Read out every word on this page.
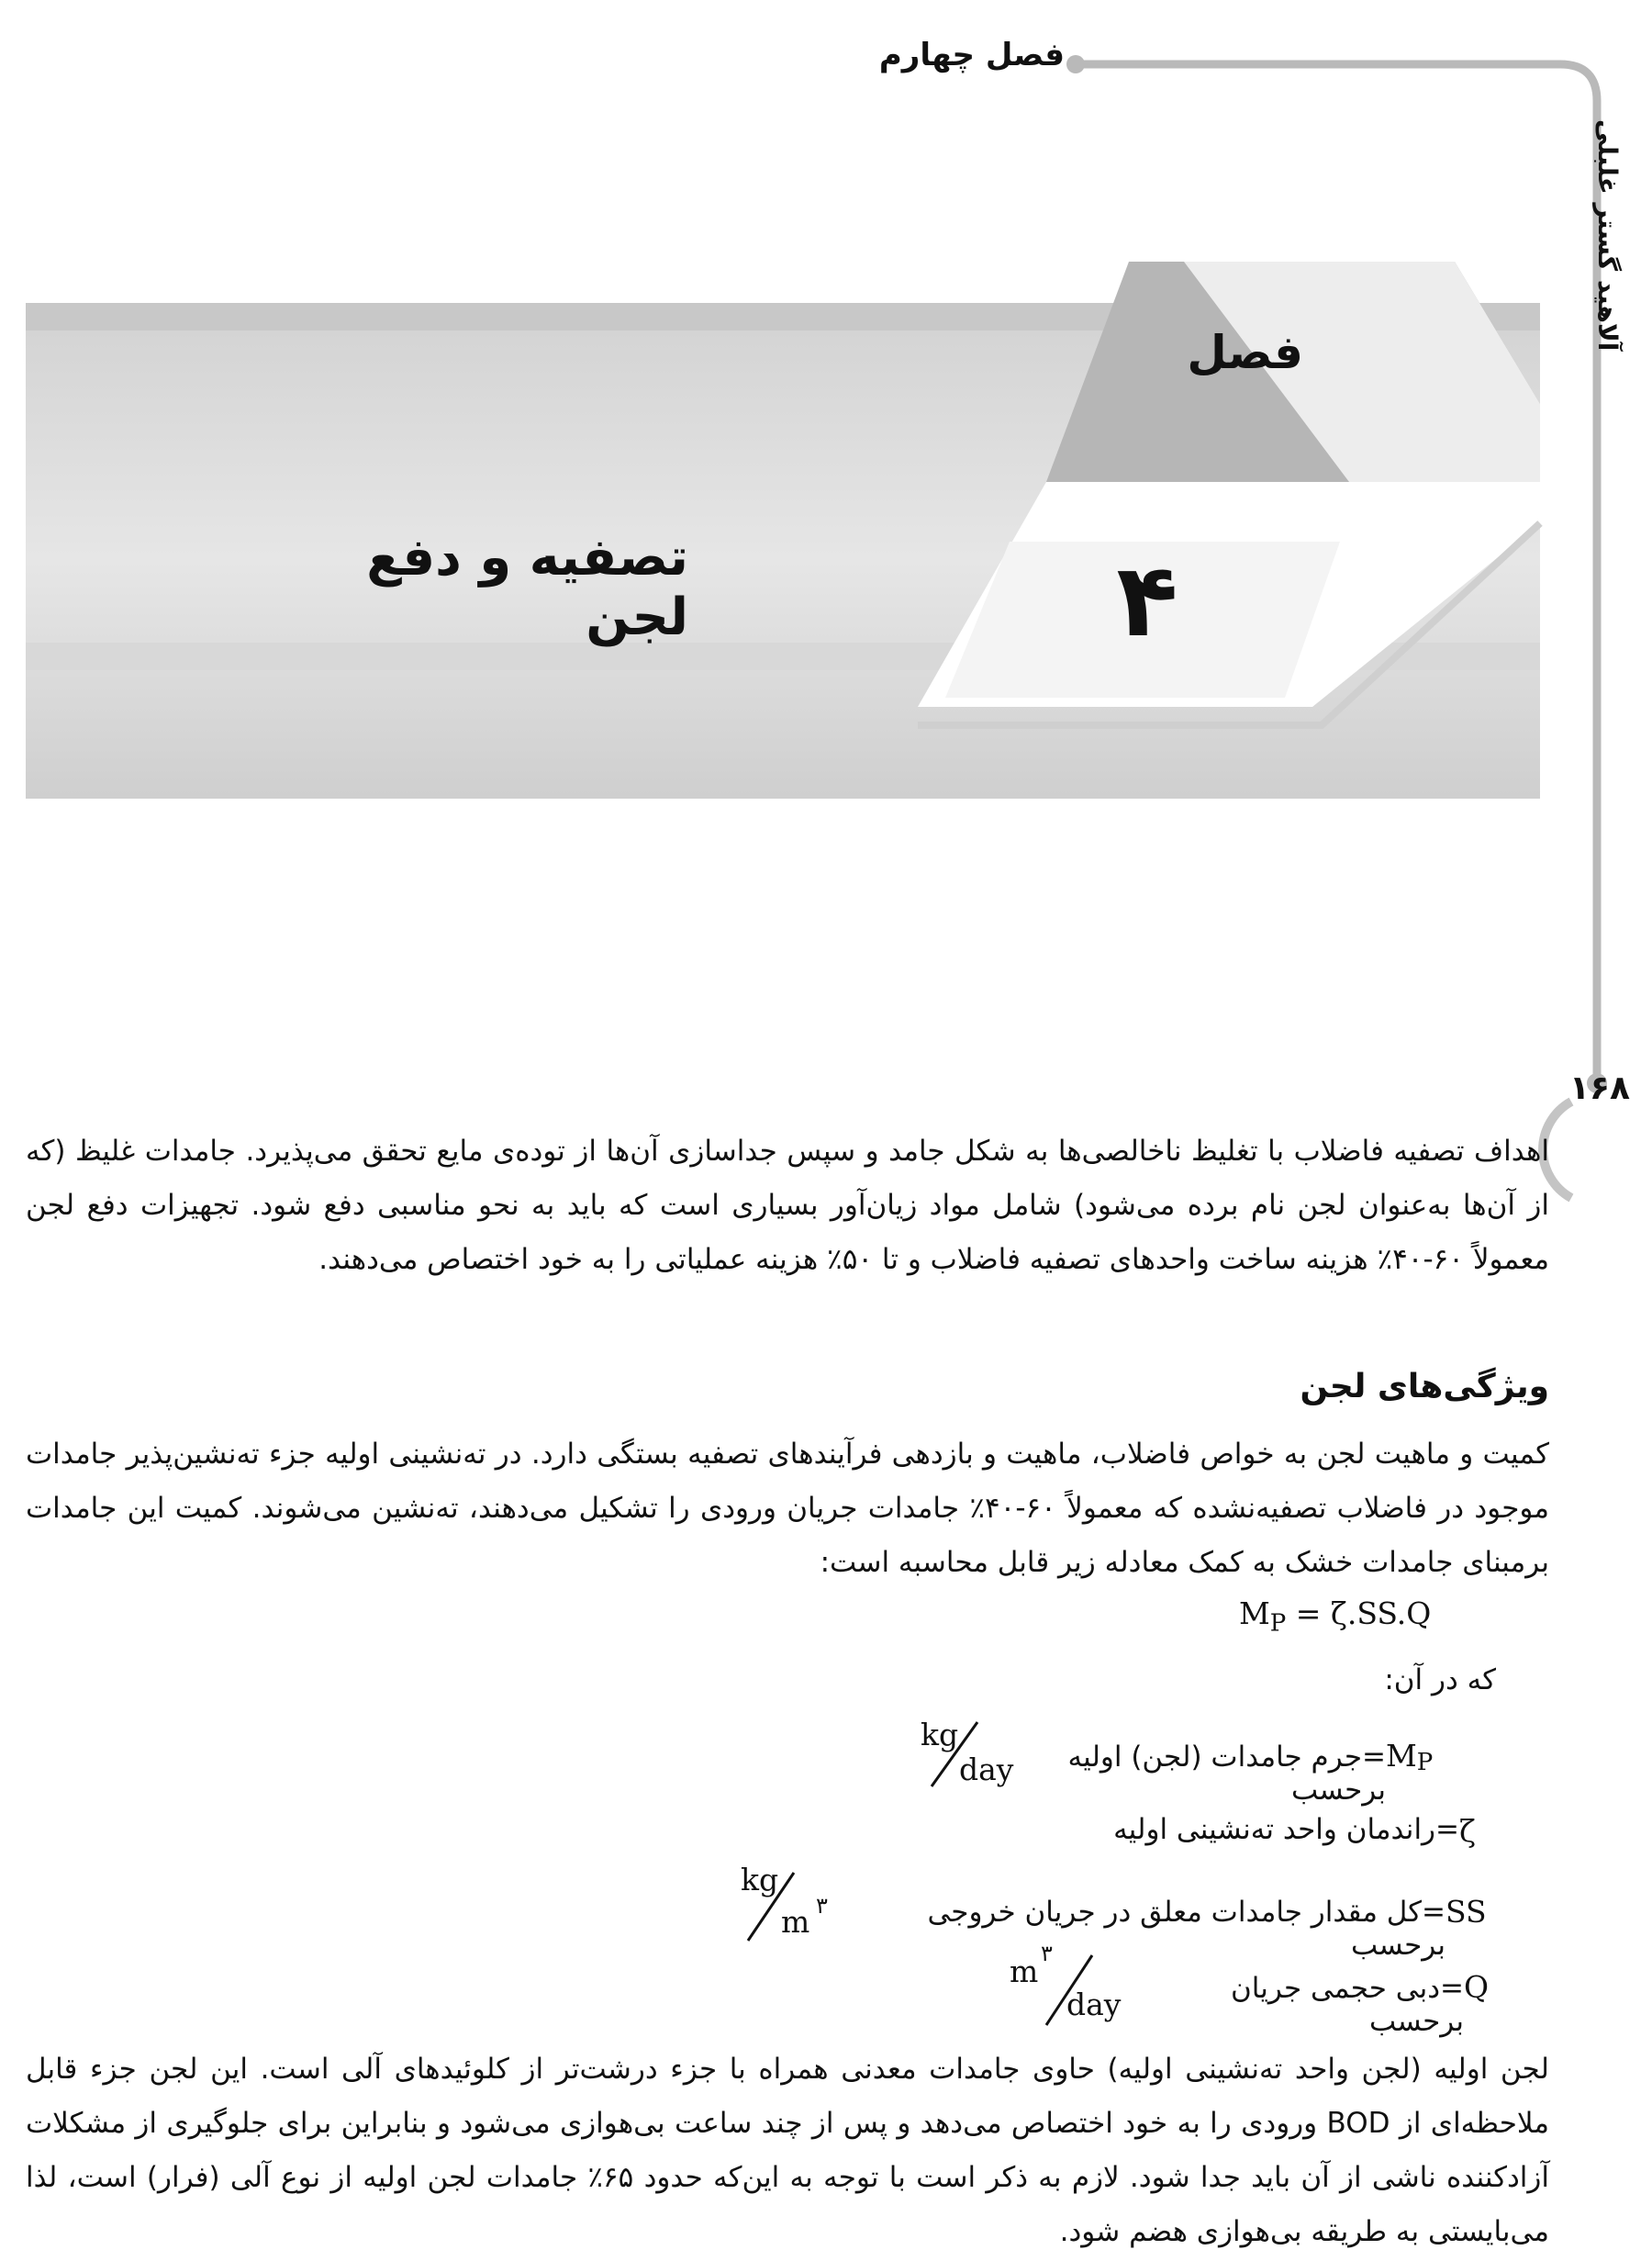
فصل چهارم
آلاهید گستر غلبلی
۱۶۸
فصل
۴
تصفیه و دفع لجن

اهداف تصفیه فاضلاب با تغلیظ ناخالصی‌ها به شکل جامد و سپس جداسازی آن‌ها از توده‌ی مایع تحقق می‌پذیرد. جامدات غلیظ (که از آن‌ها به‌عنوان لجن نام برده می‌شود) شامل مواد زیان‌آور بسیاری است که باید به نحو مناسبی دفع شود. تجهیزات دفع لجن معمولاً ۶۰-۴۰٪ هزینه ساخت واحدهای تصفیه فاضلاب و تا ۵۰٪ هزینه عملیاتی را به خود اختصاص می‌دهند.

ویژگی‌های لجن

کمیت و ماهیت لجن به خواص فاضلاب، ماهیت و بازدهی فرآیندهای تصفیه بستگی دارد. در تەنشینی اولیه جزء تەنشین‌پذیر جامدات موجود در فاضلاب تصفیه‌نشده که معمولاً ۶۰-۴۰٪ جامدات جریان ورودی را تشکیل می‌دهند، تەنشین می‌شوند. کمیت این جامدات برمبنای جامدات خشک به کمک معادله زیر قابل محاسبه است:

$M_P = \zeta.SS.Q$
که در آن:
$M_P$
=جرم جامدات (لجن) اولیه برحسب
kg
day
ζ
=راندمان واحد تەنشینی اولیه
SS
=کل مقدار جامدات معلق در جریان خروجی برحسب
kg
m ۳
Q
=دبی حجمی جریان برحسب
m ۳
day

لجن اولیه (لجن واحد تەنشینی اولیه) حاوی جامدات معدنی همراه با جزء درشت‌تر از کلوئیدهای آلی است. این لجن جزء قابل ملاحظه‌ای از BOD ورودی را به خود اختصاص می‌دهد و پس از چند ساعت بی‌هوازی می‌شود و بنابراین برای جلوگیری از مشکلات آزادکننده ناشی از آن باید جدا شود. لازم به ذکر است با توجه به این‌که حدود ۶۵٪ جامدات لجن اولیه از نوع آلی (فرار) است، لذا می‌بایستی به طریقه بی‌هوازی هضم شود.
